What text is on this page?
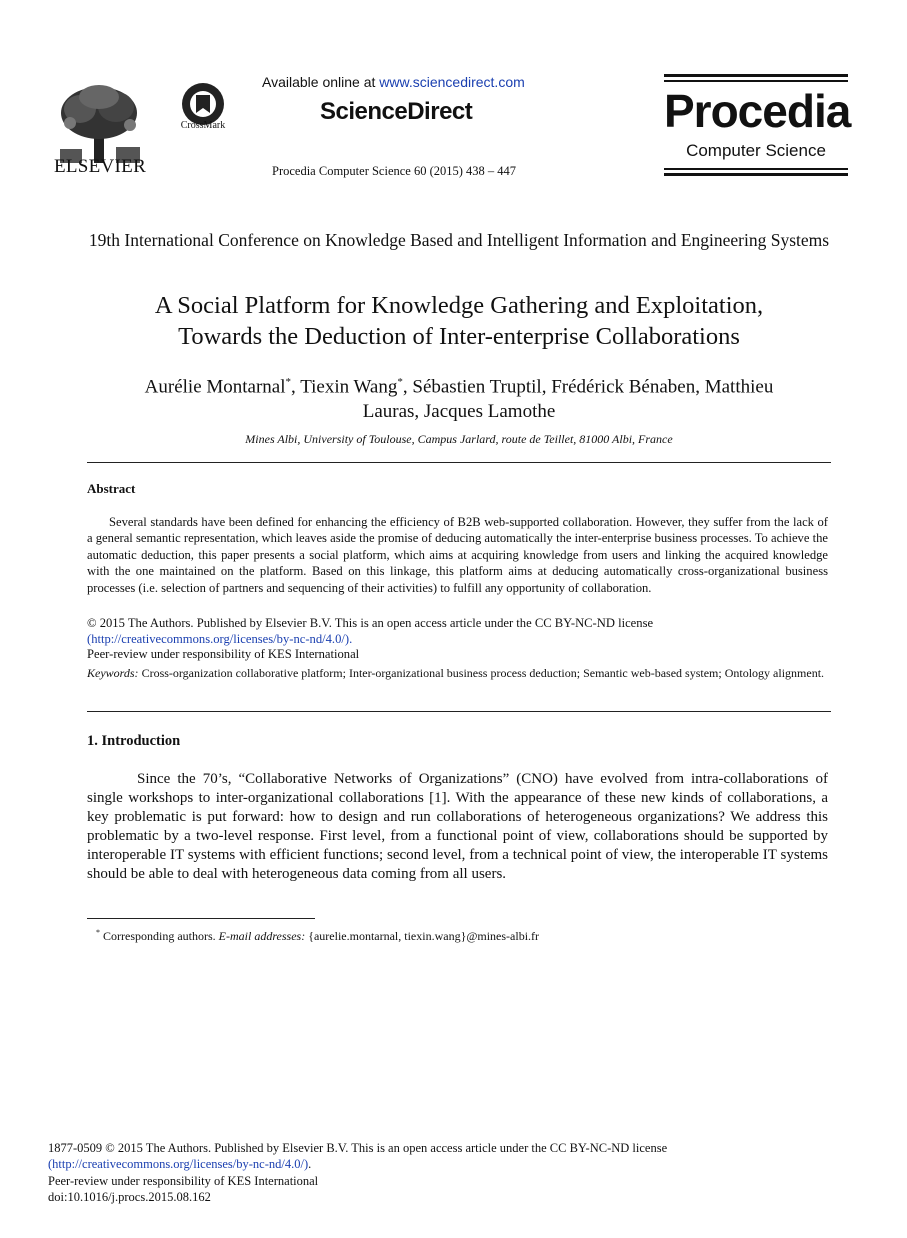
ELSEVIER
CrossMark
Available online at www.sciencedirect.com
ScienceDirect
Procedia Computer Science 60 (2015) 438 – 447
Procedia
Computer Science
19th International Conference on Knowledge Based and Intelligent Information and Engineering Systems
A Social Platform for Knowledge Gathering and Exploitation,
Towards the Deduction of Inter-enterprise Collaborations
Aurélie Montarnal*, Tiexin Wang*, Sébastien Truptil, Frédérick Bénaben, Matthieu
Lauras, Jacques Lamothe
Mines Albi, University of Toulouse, Campus Jarlard, route de Teillet, 81000 Albi, France
Abstract
Several standards have been defined for enhancing the efficiency of B2B web-supported collaboration. However, they suffer from the lack of a general semantic representation, which leaves aside the promise of deducing automatically the inter-enterprise business processes. To achieve the automatic deduction, this paper presents a social platform, which aims at acquiring knowledge from users and linking the acquired knowledge with the one maintained on the platform. Based on this linkage, this platform aims at deducing automatically cross-organizational business processes (i.e. selection of partners and sequencing of their activities) to fulfill any opportunity of collaboration.
© 2015 The Authors. Published by Elsevier B.V. This is an open access article under the CC BY-NC-ND license
(http://creativecommons.org/licenses/by-nc-nd/4.0/).
Peer-review under responsibility of KES International
Keywords: Cross-organization collaborative platform; Inter-organizational business process deduction; Semantic web-based system; Ontology alignment.
1. Introduction
Since the 70’s, “Collaborative Networks of Organizations” (CNO) have evolved from intra-collaborations of single workshops to inter-organizational collaborations [1]. With the appearance of these new kinds of collaborations, a key problematic is put forward: how to design and run collaborations of heterogeneous organizations? We address this problematic by a two-level response. First level, from a functional point of view, collaborations should be supported by interoperable IT systems with efficient functions; second level, from a technical point of view, the interoperable IT systems should be able to deal with heterogeneous data coming from all users.
* Corresponding authors. E-mail addresses: {aurelie.montarnal, tiexin.wang}@mines-albi.fr
1877-0509 © 2015 The Authors. Published by Elsevier B.V. This is an open access article under the CC BY-NC-ND license
(http://creativecommons.org/licenses/by-nc-nd/4.0/).
Peer-review under responsibility of KES International
doi:10.1016/j.procs.2015.08.162
